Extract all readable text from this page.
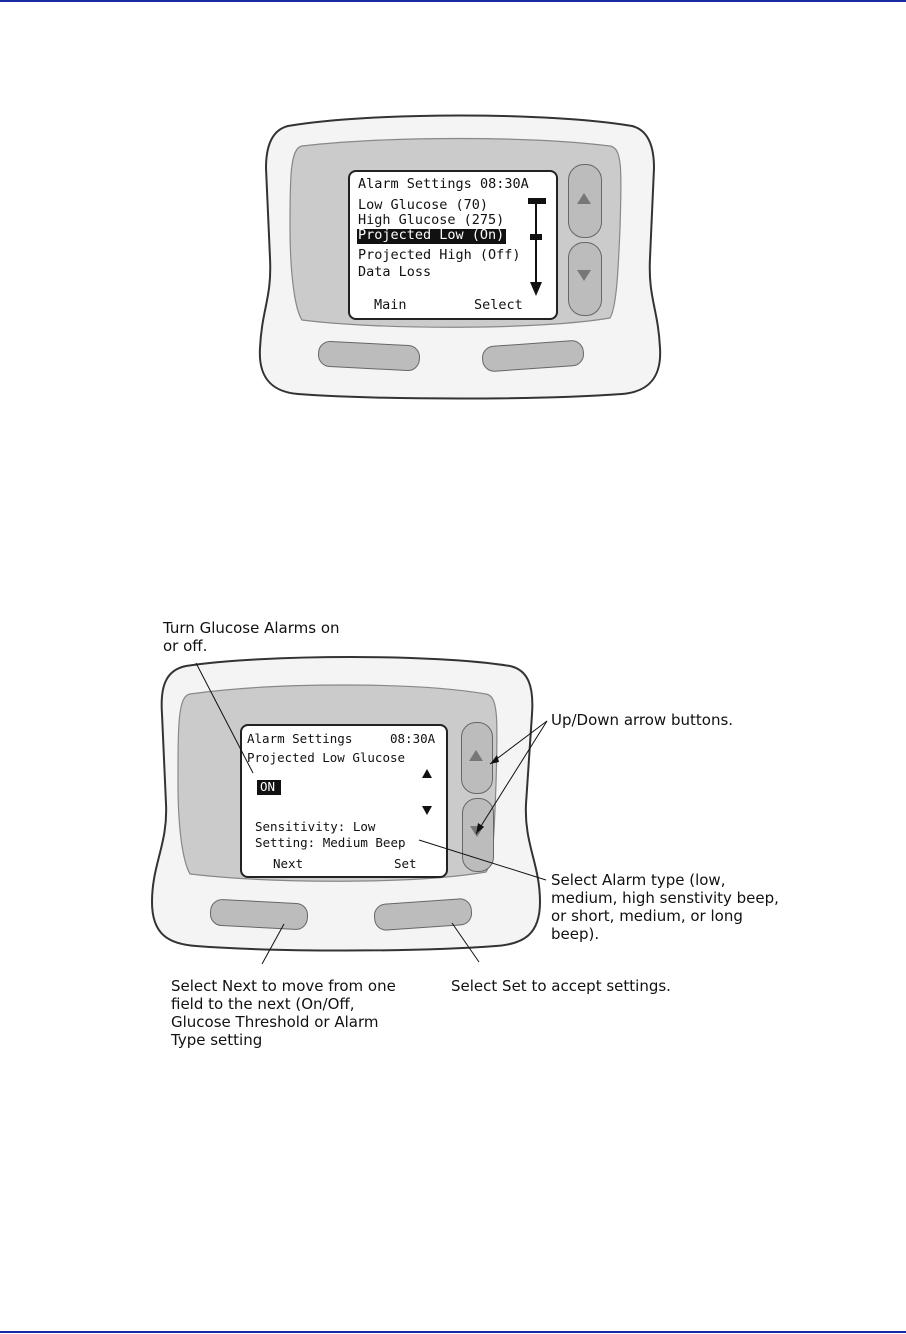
Alarm Settings 08:30A
Low Glucose (70)
High Glucose (275)
Projected Low (On)
Projected High (Off)
Data Loss
Main	Select
Alarm Settings	08:30A
Projected Low Glucose
ON
Sensitivity: Low
Setting: Medium Beep
Next	Set
Turn Glucose Alarms on
or off.
Up/Down arrow buttons.
Select Alarm type (low,
medium, high senstivity beep,
or short, medium, or long
beep).
Select Next to move from one
field to the next (On/Off,
Glucose Threshold or Alarm
Type setting
Select Set to accept settings.
